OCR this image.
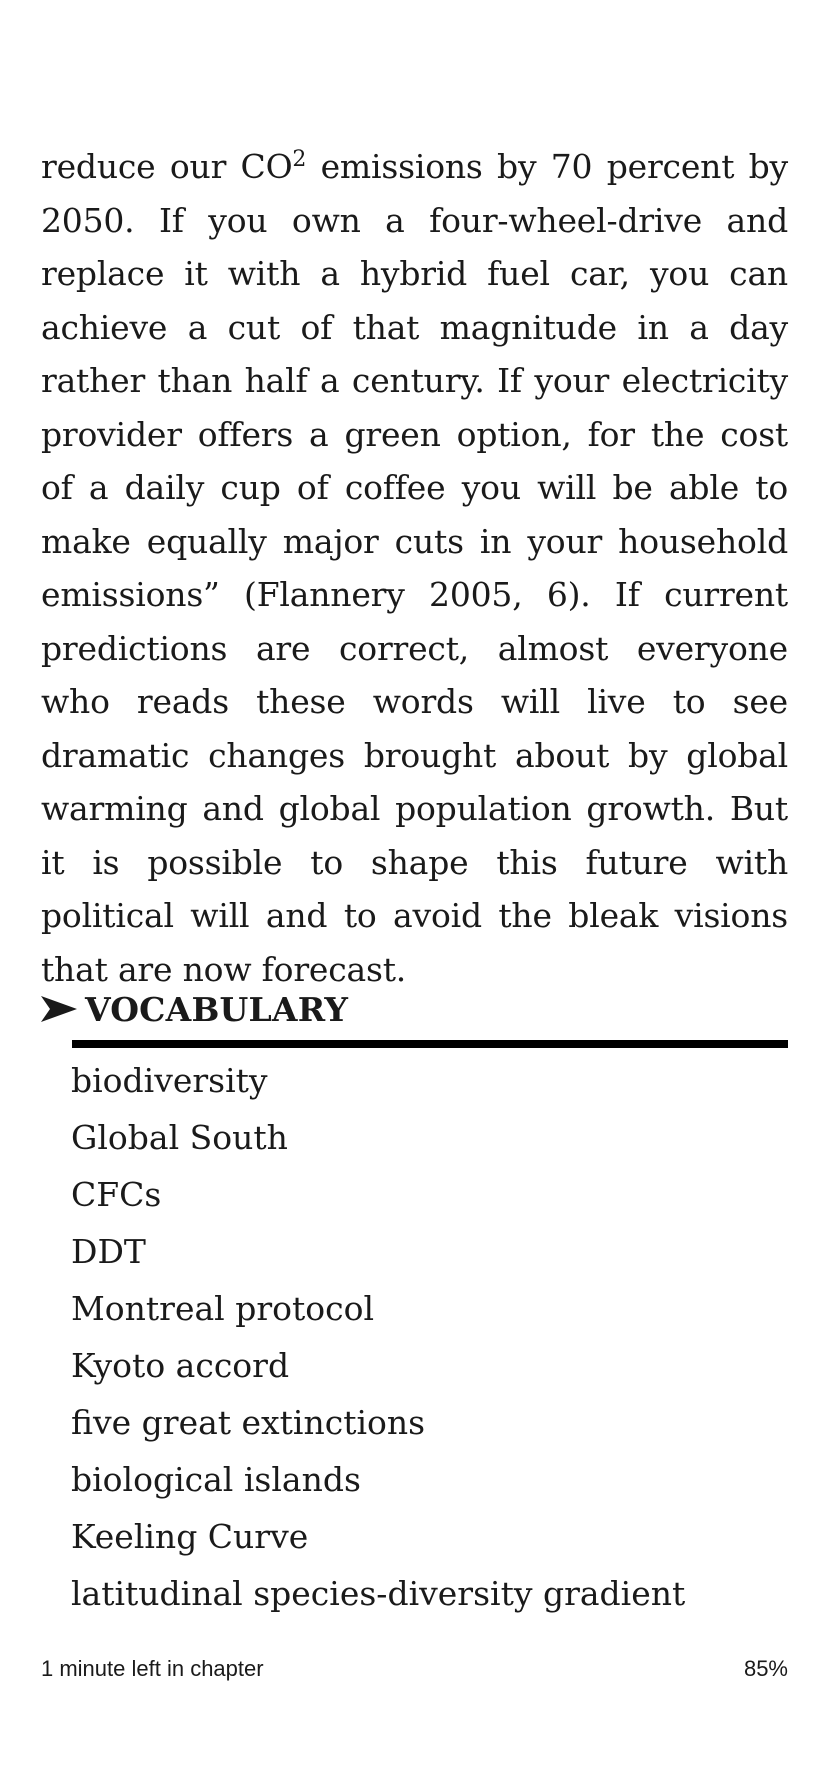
reduce our $CO^2$ emissions by 70 percent by 2050. If you own a four-wheel-drive and replace it with a hybrid fuel car, you can achieve a cut of that magnitude in a day rather than half a century. If your electricity provider offers a green option, for the cost of a daily cup of coffee you will be able to make equally major cuts in your household emissions” (Flannery 2005, 6). If current predictions are correct, almost everyone who reads these words will live to see dramatic changes brought about by global warming and global population growth. But it is possible to shape this future with political will and to avoid the bleak visions that are now forecast.

VOCABULARY
biodiversity
Global South
CFCs
DDT
Montreal protocol
Kyoto accord
five great extinctions
biological islands
Keeling Curve
latitudinal species-diversity gradient
1 minute left in chapter	85%
